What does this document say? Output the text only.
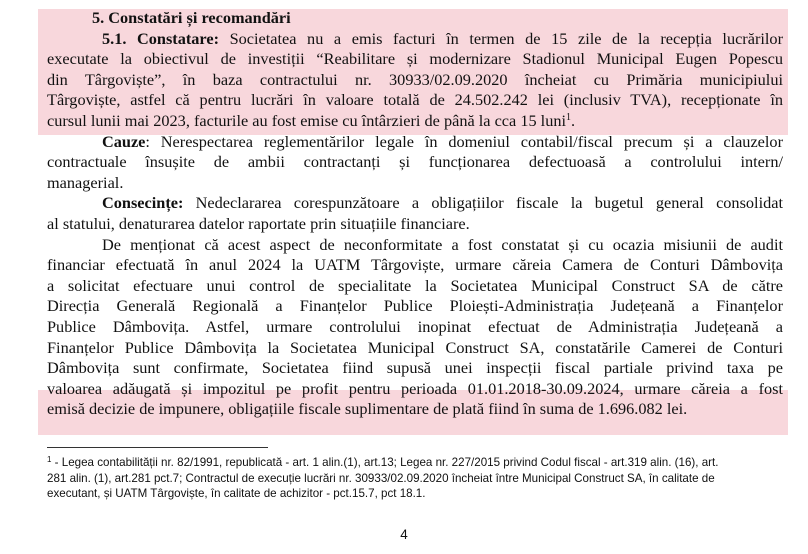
5. Constatări și recomandări
5.1. Constatare: Societatea nu a emis facturi în termen de 15 zile de la recepția lucrărilor
executate la obiectivul de investiții “Reabilitare și modernizare Stadionul Municipal Eugen Popescu
din Târgoviște”, în baza contractului nr. 30933/02.09.2020 încheiat cu Primăria municipiului
Târgoviște, astfel că pentru lucrări în valoare totală de 24.502.242 lei (inclusiv TVA), recepționate în
cursul lunii mai 2023, facturile au fost emise cu întârzieri de până la cca 15 luni$^1$.
Cauze: Nerespectarea reglementărilor legale în domeniul contabil/fiscal precum și a clauzelor
contractuale însușite de ambii contractanți și funcționarea defectuoasă a controlului intern/
managerial.
Consecințe: Nedeclararea corespunzătoare a obligațiilor fiscale la bugetul general consolidat
al statului, denaturarea datelor raportate prin situațiile financiare.
De menționat că acest aspect de neconformitate a fost constatat și cu ocazia misiunii de audit
financiar efectuată în anul 2024 la UATM Târgoviște, urmare căreia Camera de Conturi Dâmbovița
a solicitat efectuare unui control de specialitate la Societatea Municipal Construct SA de către
Direcția Generală Regională a Finanțelor Publice Ploiești-Administrația Județeană a Finanțelor
Publice Dâmbovița. Astfel, urmare controlului inopinat efectuat de Administrația Județeană a
Finanțelor Publice Dâmbovița la Societatea Municipal Construct SA, constatările Camerei de Conturi
Dâmbovița sunt confirmate, Societatea fiind supusă unei inspecții fiscal partiale privind taxa pe
valoarea adăugată și impozitul pe profit pentru perioada 01.01.2018-30.09.2024, urmare căreia a fost
emisă decizie de impunere, obligațiile fiscale suplimentare de plată fiind în suma de 1.696.082 lei.
$^1$ - Legea contabilității nr. 82/1991, republicată - art. 1 alin.(1), art.13; Legea nr. 227/2015 privind Codul fiscal - art.319 alin. (16), art.
281 alin. (1), art.281 pct.7; Contractul de execuție lucrări nr. 30933/02.09.2020 încheiat între Municipal Construct SA, în calitate de
executant, și UATM Târgoviște, în calitate de achizitor - pct.15.7, pct 18.1.
4
